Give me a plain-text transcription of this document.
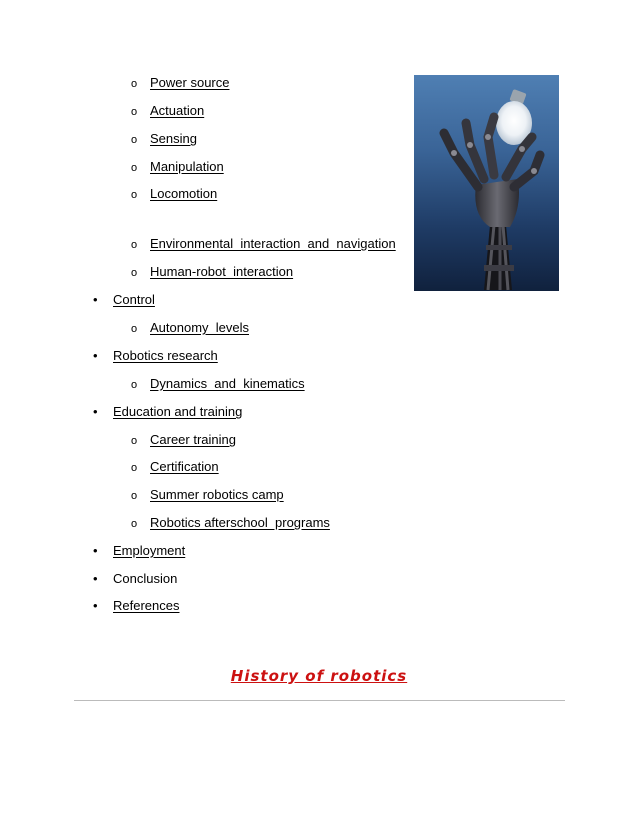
o Power source
o Actuation
o Sensing
o Manipulation
o Locomotion
o Environmental  interaction  and  navigation
o Human-robot  interaction
• Control
o Autonomy  levels
• Robotics research
o Dynamics  and  kinematics
• Education and training
o Career training
o Certification
o Summer robotics camp
o Robotics afterschool  programs
• Employment
• Conclusion
• References
History of robotics
